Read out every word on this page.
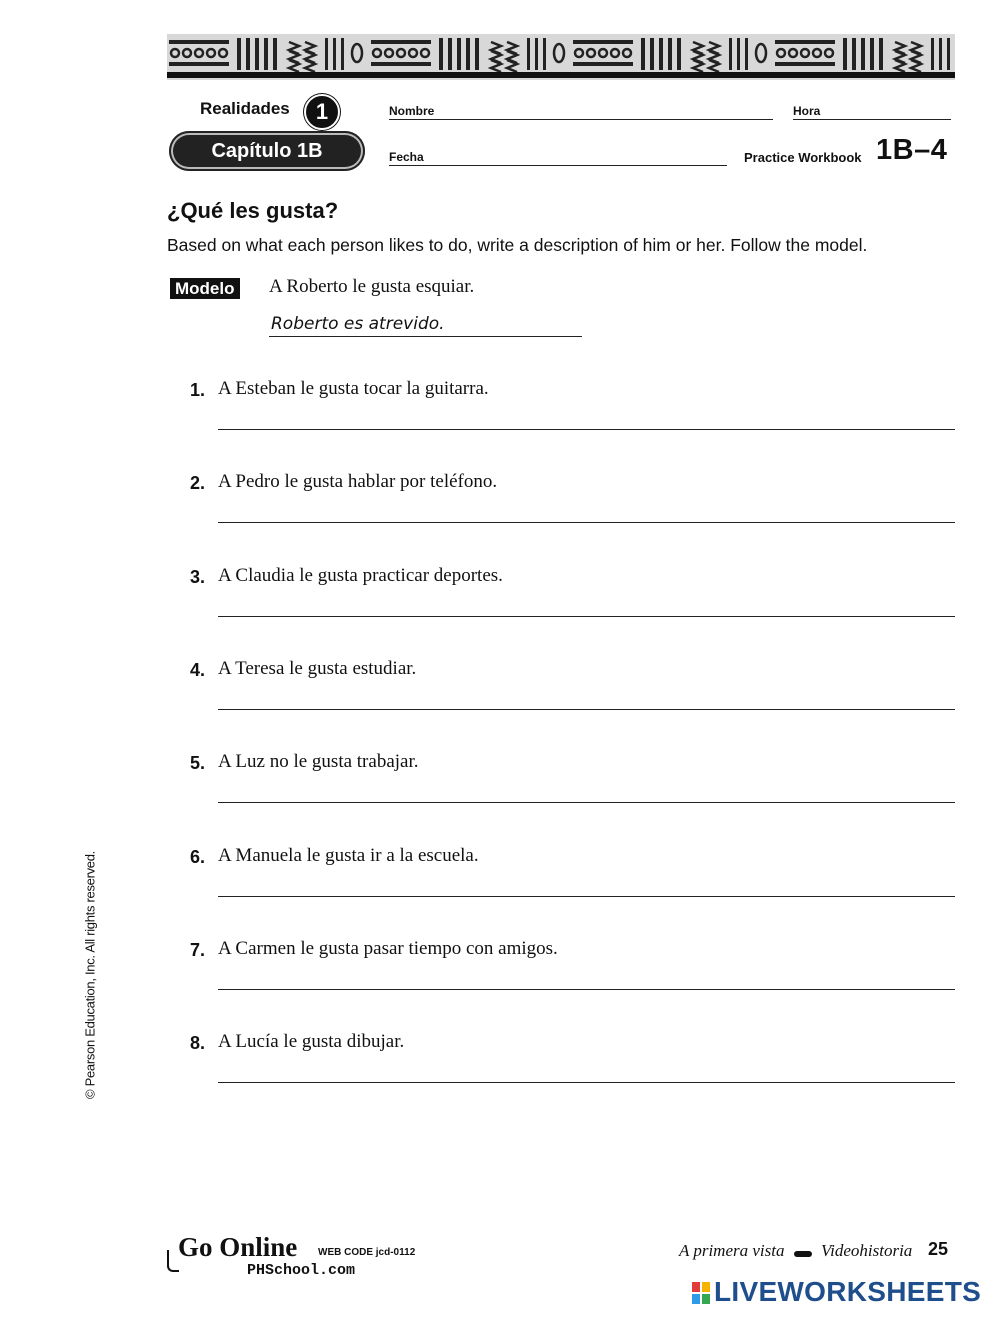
Realidades	1
Capítulo 1B
Nombre	Hora
Fecha	Practice Workbook 1B–4
¿Qué les gusta?
Based on what each person likes to do, write a description of him or her. Follow the model.
Modelo A Roberto le gusta esquiar.
Roberto es atrevido.
1. A Esteban le gusta tocar la guitarra.
2. A Pedro le gusta hablar por teléfono.
3. A Claudia le gusta practicar deportes.
4. A Teresa le gusta estudiar.
5. A Luz no le gusta trabajar.
6. A Manuela le gusta ir a la escuela.
7. A Carmen le gusta pasar tiempo con amigos.
8. A Lucía le gusta dibujar.
© Pearson Education, Inc. All rights reserved.
Go Online WEB CODE jcd-0112
PHSchool.com
A primera vista Videohistoria 25
LIVEWORKSHEETS
